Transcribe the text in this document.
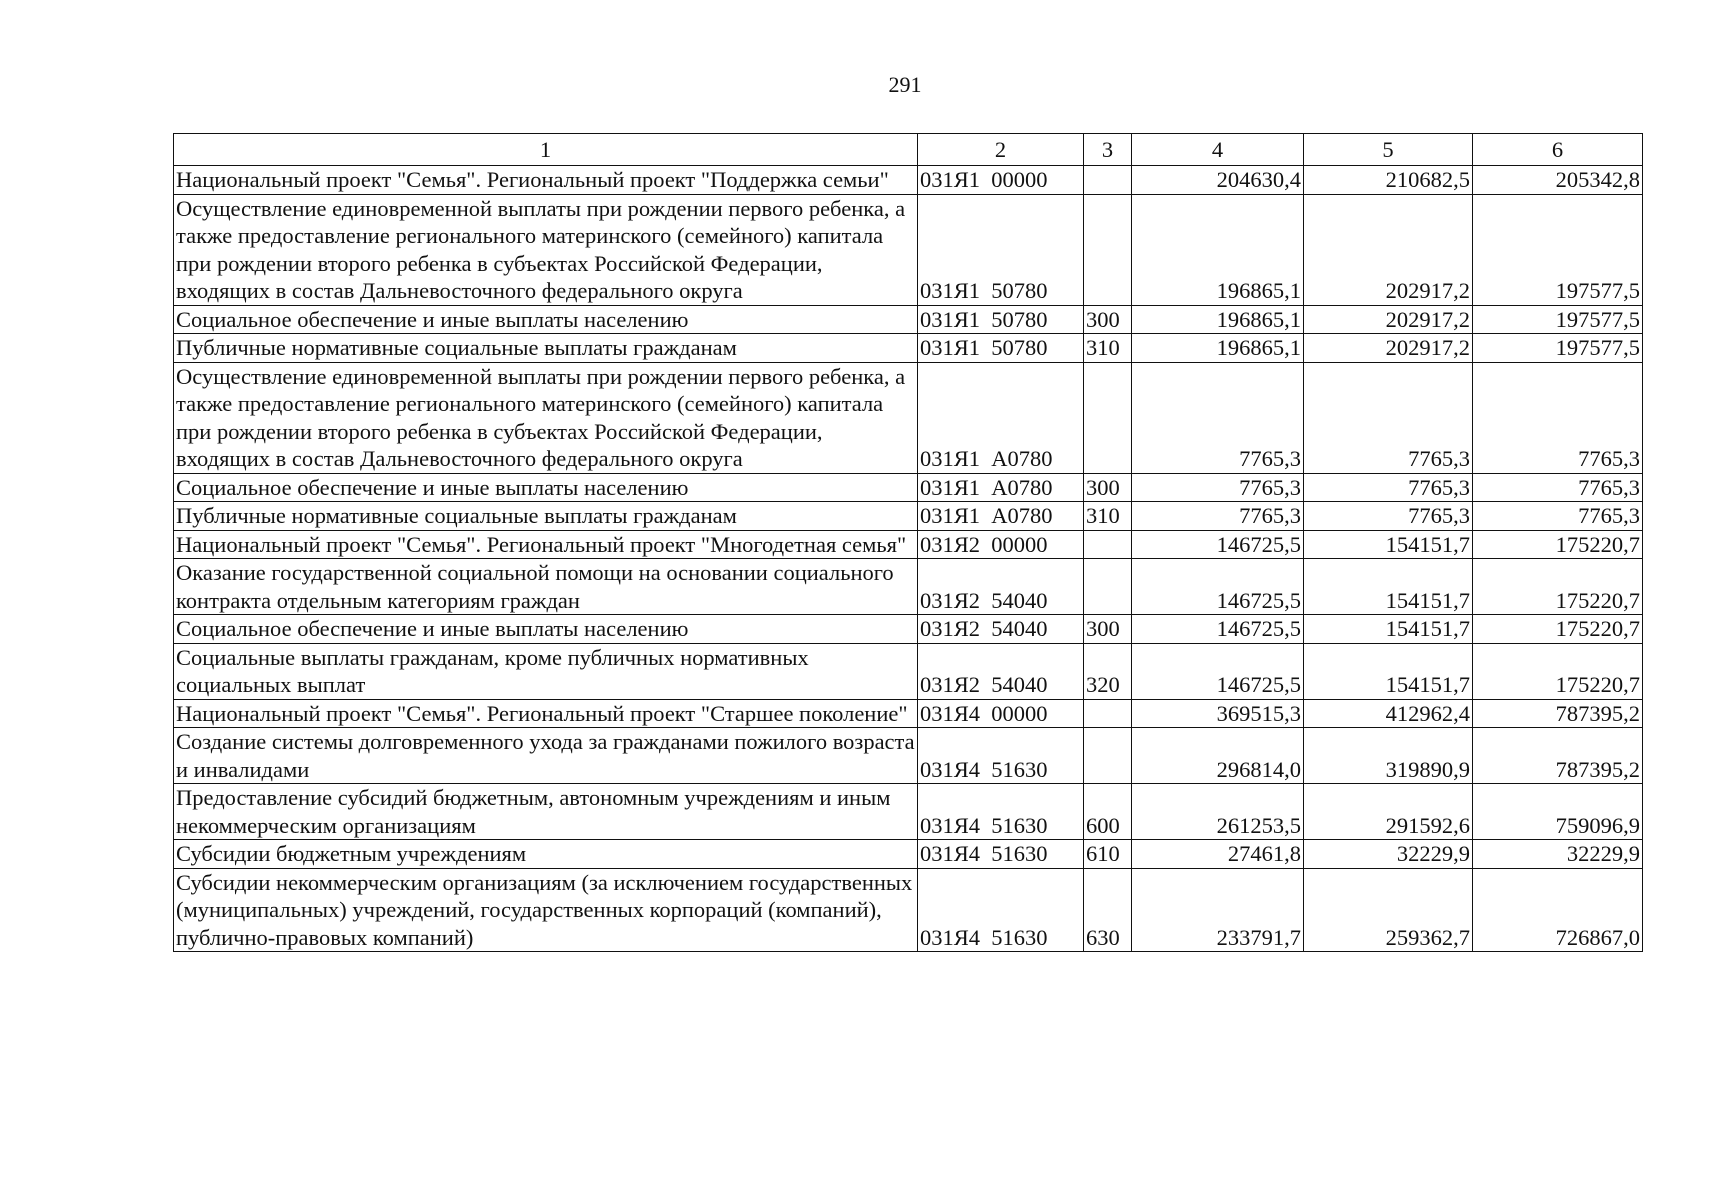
291
1	2	3	4	5	6
Национальный проект "Семья". Региональный проект "Поддержка семьи"	031Я1  00000		204630,4	210682,5	205342,8
Осуществление единовременной выплаты при рождении первого ребенка, а также предоставление регионального материнского (семейного) капитала при рождении второго ребенка в субъектах Российской Федерации, входящих в состав Дальневосточного федерального округа	031Я1  50780		196865,1	202917,2	197577,5
Социальное обеспечение и иные выплаты населению	031Я1  50780	300	196865,1	202917,2	197577,5
Публичные нормативные социальные выплаты гражданам	031Я1  50780	310	196865,1	202917,2	197577,5
Осуществление единовременной выплаты при рождении первого ребенка, а также предоставление регионального материнского (семейного) капитала при рождении второго ребенка в субъектах Российской Федерации, входящих в состав Дальневосточного федерального округа	031Я1  А0780		7765,3	7765,3	7765,3
Социальное обеспечение и иные выплаты населению	031Я1  А0780	300	7765,3	7765,3	7765,3
Публичные нормативные социальные выплаты гражданам	031Я1  А0780	310	7765,3	7765,3	7765,3
Национальный проект "Семья". Региональный проект "Многодетная семья"	031Я2  00000		146725,5	154151,7	175220,7
Оказание государственной социальной помощи на основании социального контракта отдельным категориям граждан	031Я2  54040		146725,5	154151,7	175220,7
Социальное обеспечение и иные выплаты населению	031Я2  54040	300	146725,5	154151,7	175220,7
Социальные выплаты гражданам, кроме публичных нормативных социальных выплат	031Я2  54040	320	146725,5	154151,7	175220,7
Национальный проект "Семья". Региональный проект "Старшее поколение"	031Я4  00000		369515,3	412962,4	787395,2
Создание системы долговременного ухода за гражданами пожилого возраста и инвалидами	031Я4  51630		296814,0	319890,9	787395,2
Предоставление субсидий бюджетным, автономным учреждениям и иным некоммерческим организациям	031Я4  51630	600	261253,5	291592,6	759096,9
Субсидии бюджетным учреждениям	031Я4  51630	610	27461,8	32229,9	32229,9
Субсидии некоммерческим организациям (за исключением государственных (муниципальных) учреждений, государственных корпораций (компаний), публично-правовых компаний)	031Я4  51630	630	233791,7	259362,7	726867,0
